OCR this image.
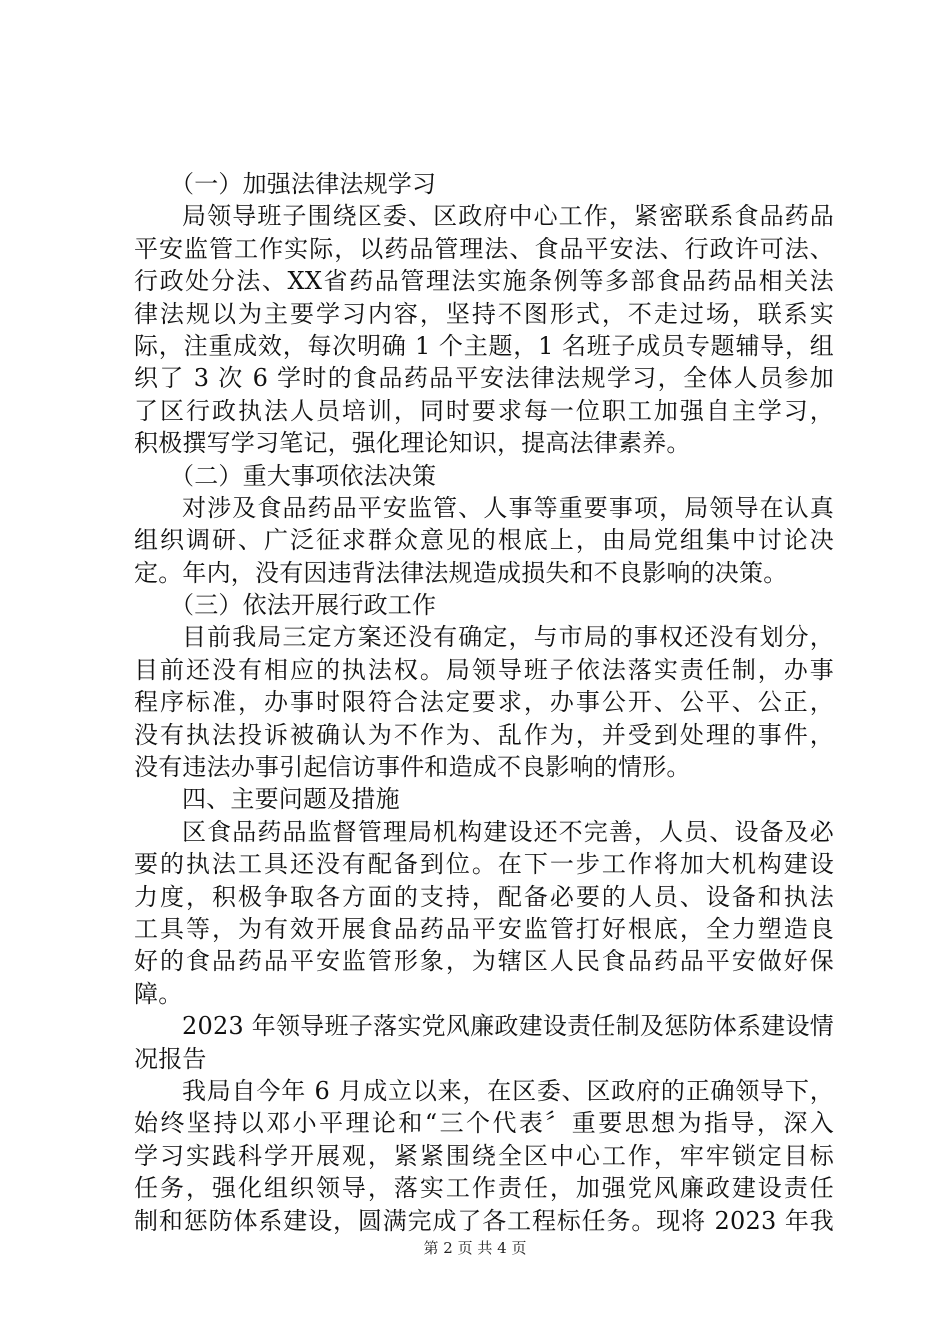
（一）加强法律法规学习
局领导班子围绕区委、区政府中心工作，紧密联系食品药品
平安监管工作实际，以药品管理法、食品平安法、行政许可法、
行政处分法、XX省药品管理法实施条例等多部食品药品相关法
律法规以为主要学习内容，坚持不图形式，不走过场，联系实
际，注重成效，每次明确 1 个主题，1 名班子成员专题辅导，组
织了 3 次 6 学时的食品药品平安法律法规学习，全体人员参加
了区行政执法人员培训，同时要求每一位职工加强自主学习，
积极撰写学习笔记，强化理论知识，提高法律素养。
（二）重大事项依法决策
对涉及食品药品平安监管、人事等重要事项，局领导在认真
组织调研、广泛征求群众意见的根底上，由局党组集中讨论决
定。年内，没有因违背法律法规造成损失和不良影响的决策。
（三）依法开展行政工作
目前我局三定方案还没有确定，与市局的事权还没有划分，
目前还没有相应的执法权。局领导班子依法落实责任制，办事
程序标准，办事时限符合法定要求，办事公开、公平、公正，
没有执法投诉被确认为不作为、乱作为，并受到处理的事件，
没有违法办事引起信访事件和造成不良影响的情形。
四、主要问题及措施
区食品药品监督管理局机构建设还不完善，人员、设备及必
要的执法工具还没有配备到位。在下一步工作将加大机构建设
力度，积极争取各方面的支持，配备必要的人员、设备和执法
工具等，为有效开展食品药品平安监管打好根底，全力塑造良
好的食品药品平安监管形象，为辖区人民食品药品平安做好保
障。
2023 年领导班子落实党风廉政建设责任制及惩防体系建设情
况报告
我局自今年 6 月成立以来，在区委、区政府的正确领导下，
始终坚持以邓小平理论和“三个代表〞重要思想为指导，深入
学习实践科学开展观，紧紧围绕全区中心工作，牢牢锁定目标
任务，强化组织领导，落实工作责任，加强党风廉政建设责任
制和惩防体系建设，圆满完成了各工程标任务。现将 2023 年我
第 2 页 共 4 页
